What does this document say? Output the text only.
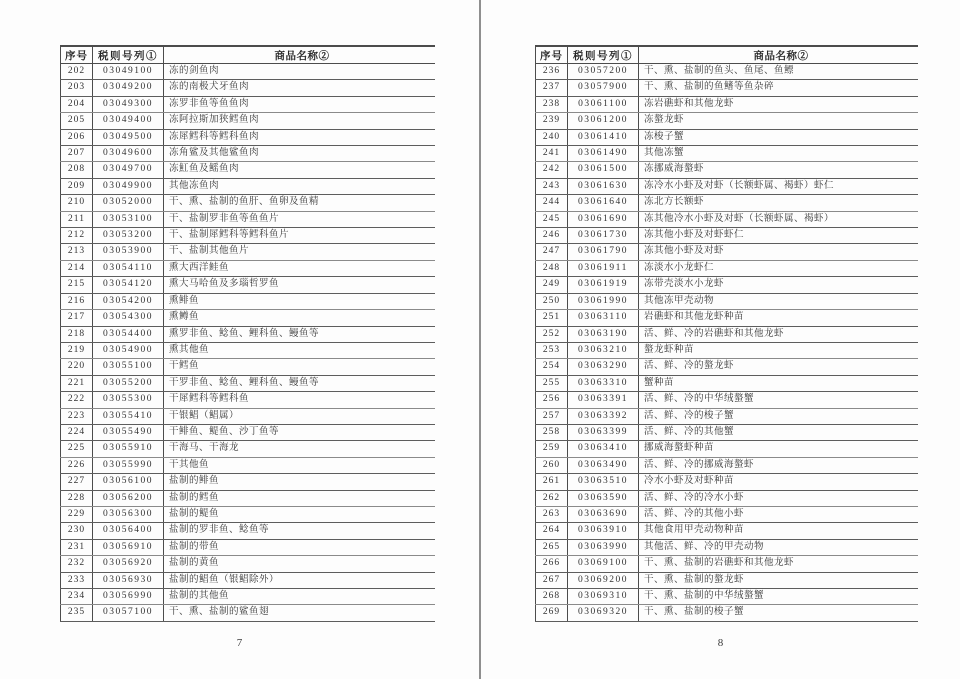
序号	税则号列①	商品名称②
202	03049100	冻的剑鱼肉
203	03049200	冻的南极犬牙鱼肉
204	03049300	冻罗非鱼等鱼鱼肉
205	03049400	冻阿拉斯加狭鳕鱼肉
206	03049500	冻犀鳕科等鳕科鱼肉
207	03049600	冻角鲨及其他鲨鱼肉
208	03049700	冻魟鱼及鳐鱼肉
209	03049900	其他冻鱼肉
210	03052000	干、熏、盐制的鱼肝、鱼卵及鱼精
211	03053100	干、盐制罗非鱼等鱼鱼片
212	03053200	干、盐制犀鳕科等鳕科鱼片
213	03053900	干、盐制其他鱼片
214	03054110	熏大西洋鲑鱼
215	03054120	熏大马哈鱼及多瑙哲罗鱼
216	03054200	熏鲱鱼
217	03054300	熏鳟鱼
218	03054400	熏罗非鱼、鲶鱼、鲤科鱼、鳗鱼等
219	03054900	熏其他鱼
220	03055100	干鳕鱼
221	03055200	干罗非鱼、鲶鱼、鲤科鱼、鳗鱼等
222	03055300	干犀鳕科等鳕科鱼
223	03055410	干银鲳（鲳属）
224	03055490	干鲱鱼、鳀鱼、沙丁鱼等
225	03055910	干海马、干海龙
226	03055990	干其他鱼
227	03056100	盐制的鲱鱼
228	03056200	盐制的鳕鱼
229	03056300	盐制的鳀鱼
230	03056400	盐制的罗非鱼、鲶鱼等
231	03056910	盐制的带鱼
232	03056920	盐制的黄鱼
233	03056930	盐制的鲳鱼（银鲳除外）
234	03056990	盐制的其他鱼
235	03057100	干、熏、盐制的鲨鱼翅
7
序号	税则号列①	商品名称②
236	03057200	干、熏、盐制的鱼头、鱼尾、鱼鳔
237	03057900	干、熏、盐制的鱼鳍等鱼杂碎
238	03061100	冻岩礁虾和其他龙虾
239	03061200	冻螯龙虾
240	03061410	冻梭子蟹
241	03061490	其他冻蟹
242	03061500	冻挪威海螯虾
243	03061630	冻冷水小虾及对虾（长额虾属、褐虾）虾仁
244	03061640	冻北方长额虾
245	03061690	冻其他冷水小虾及对虾（长额虾属、褐虾）
246	03061730	冻其他小虾及对虾虾仁
247	03061790	冻其他小虾及对虾
248	03061911	冻淡水小龙虾仁
249	03061919	冻带壳淡水小龙虾
250	03061990	其他冻甲壳动物
251	03063110	岩礁虾和其他龙虾种苗
252	03063190	活、鲜、冷的岩礁虾和其他龙虾
253	03063210	螯龙虾种苗
254	03063290	活、鲜、冷的螯龙虾
255	03063310	蟹种苗
256	03063391	活、鲜、冷的中华绒螯蟹
257	03063392	活、鲜、冷的梭子蟹
258	03063399	活、鲜、冷的其他蟹
259	03063410	挪威海螯虾种苗
260	03063490	活、鲜、冷的挪威海螯虾
261	03063510	冷水小虾及对虾种苗
262	03063590	活、鲜、冷的冷水小虾
263	03063690	活、鲜、冷的其他小虾
264	03063910	其他食用甲壳动物种苗
265	03063990	其他活、鲜、冷的甲壳动物
266	03069100	干、熏、盐制的岩礁虾和其他龙虾
267	03069200	干、熏、盐制的螯龙虾
268	03069310	干、熏、盐制的中华绒螯蟹
269	03069320	干、熏、盐制的梭子蟹
8
